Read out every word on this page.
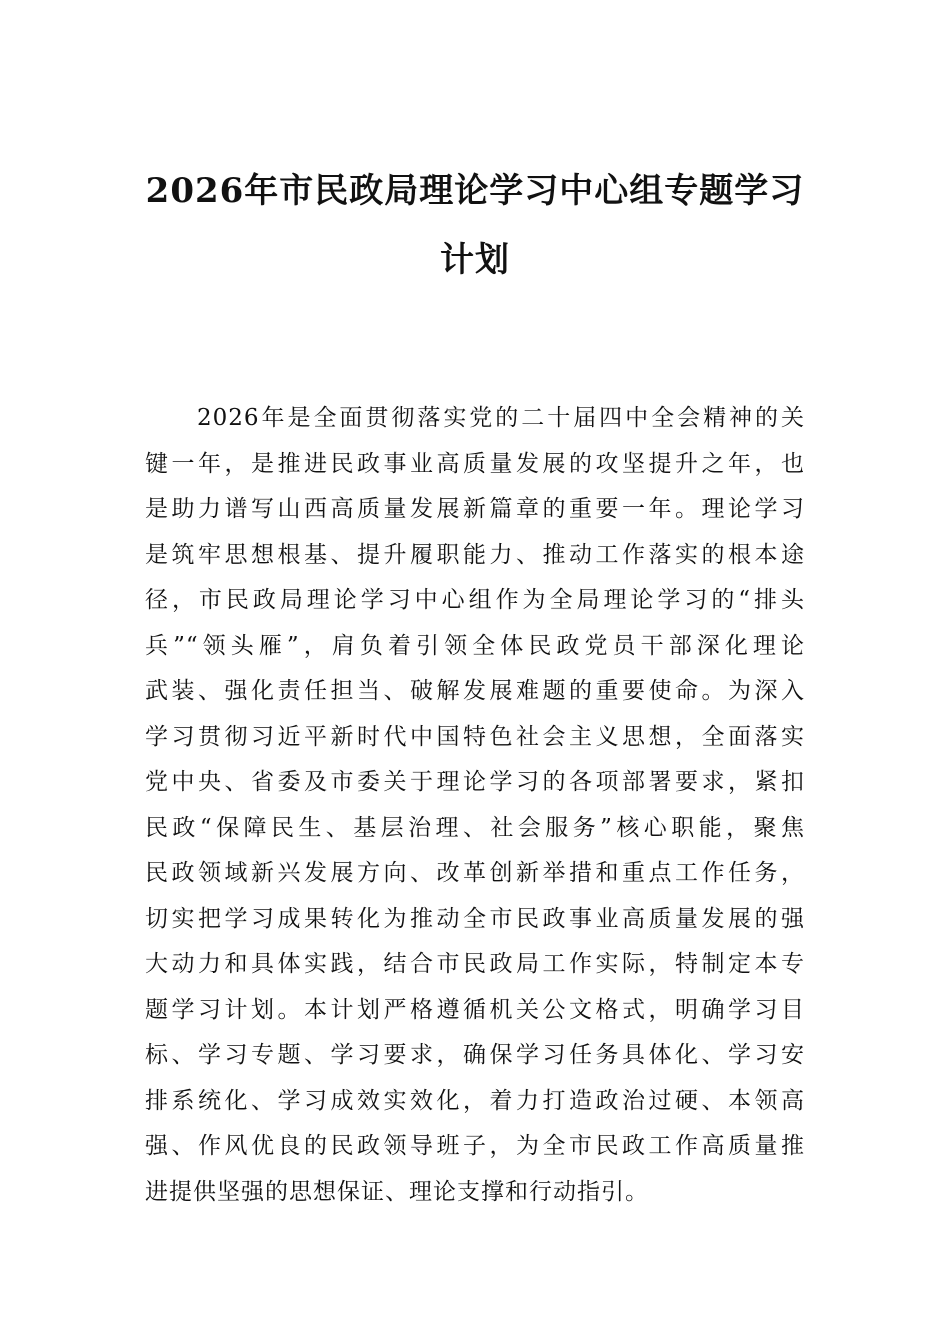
2026年市民政局理论学习中心组专题学习
计划
2026年是全面贯彻落实党的二十届四中全会精神的关
键一年，是推进民政事业高质量发展的攻坚提升之年，也
是助力谱写山西高质量发展新篇章的重要一年。理论学习
是筑牢思想根基、提升履职能力、推动工作落实的根本途
径，市民政局理论学习中心组作为全局理论学习的“排头
兵”“领头雁”，肩负着引领全体民政党员干部深化理论
武装、强化责任担当、破解发展难题的重要使命。为深入
学习贯彻习近平新时代中国特色社会主义思想，全面落实
党中央、省委及市委关于理论学习的各项部署要求，紧扣
民政“保障民生、基层治理、社会服务”核心职能，聚焦
民政领域新兴发展方向、改革创新举措和重点工作任务，
切实把学习成果转化为推动全市民政事业高质量发展的强
大动力和具体实践，结合市民政局工作实际，特制定本专
题学习计划。本计划严格遵循机关公文格式，明确学习目
标、学习专题、学习要求，确保学习任务具体化、学习安
排系统化、学习成效实效化，着力打造政治过硬、本领高
强、作风优良的民政领导班子，为全市民政工作高质量推
进提供坚强的思想保证、理论支撑和行动指引。
